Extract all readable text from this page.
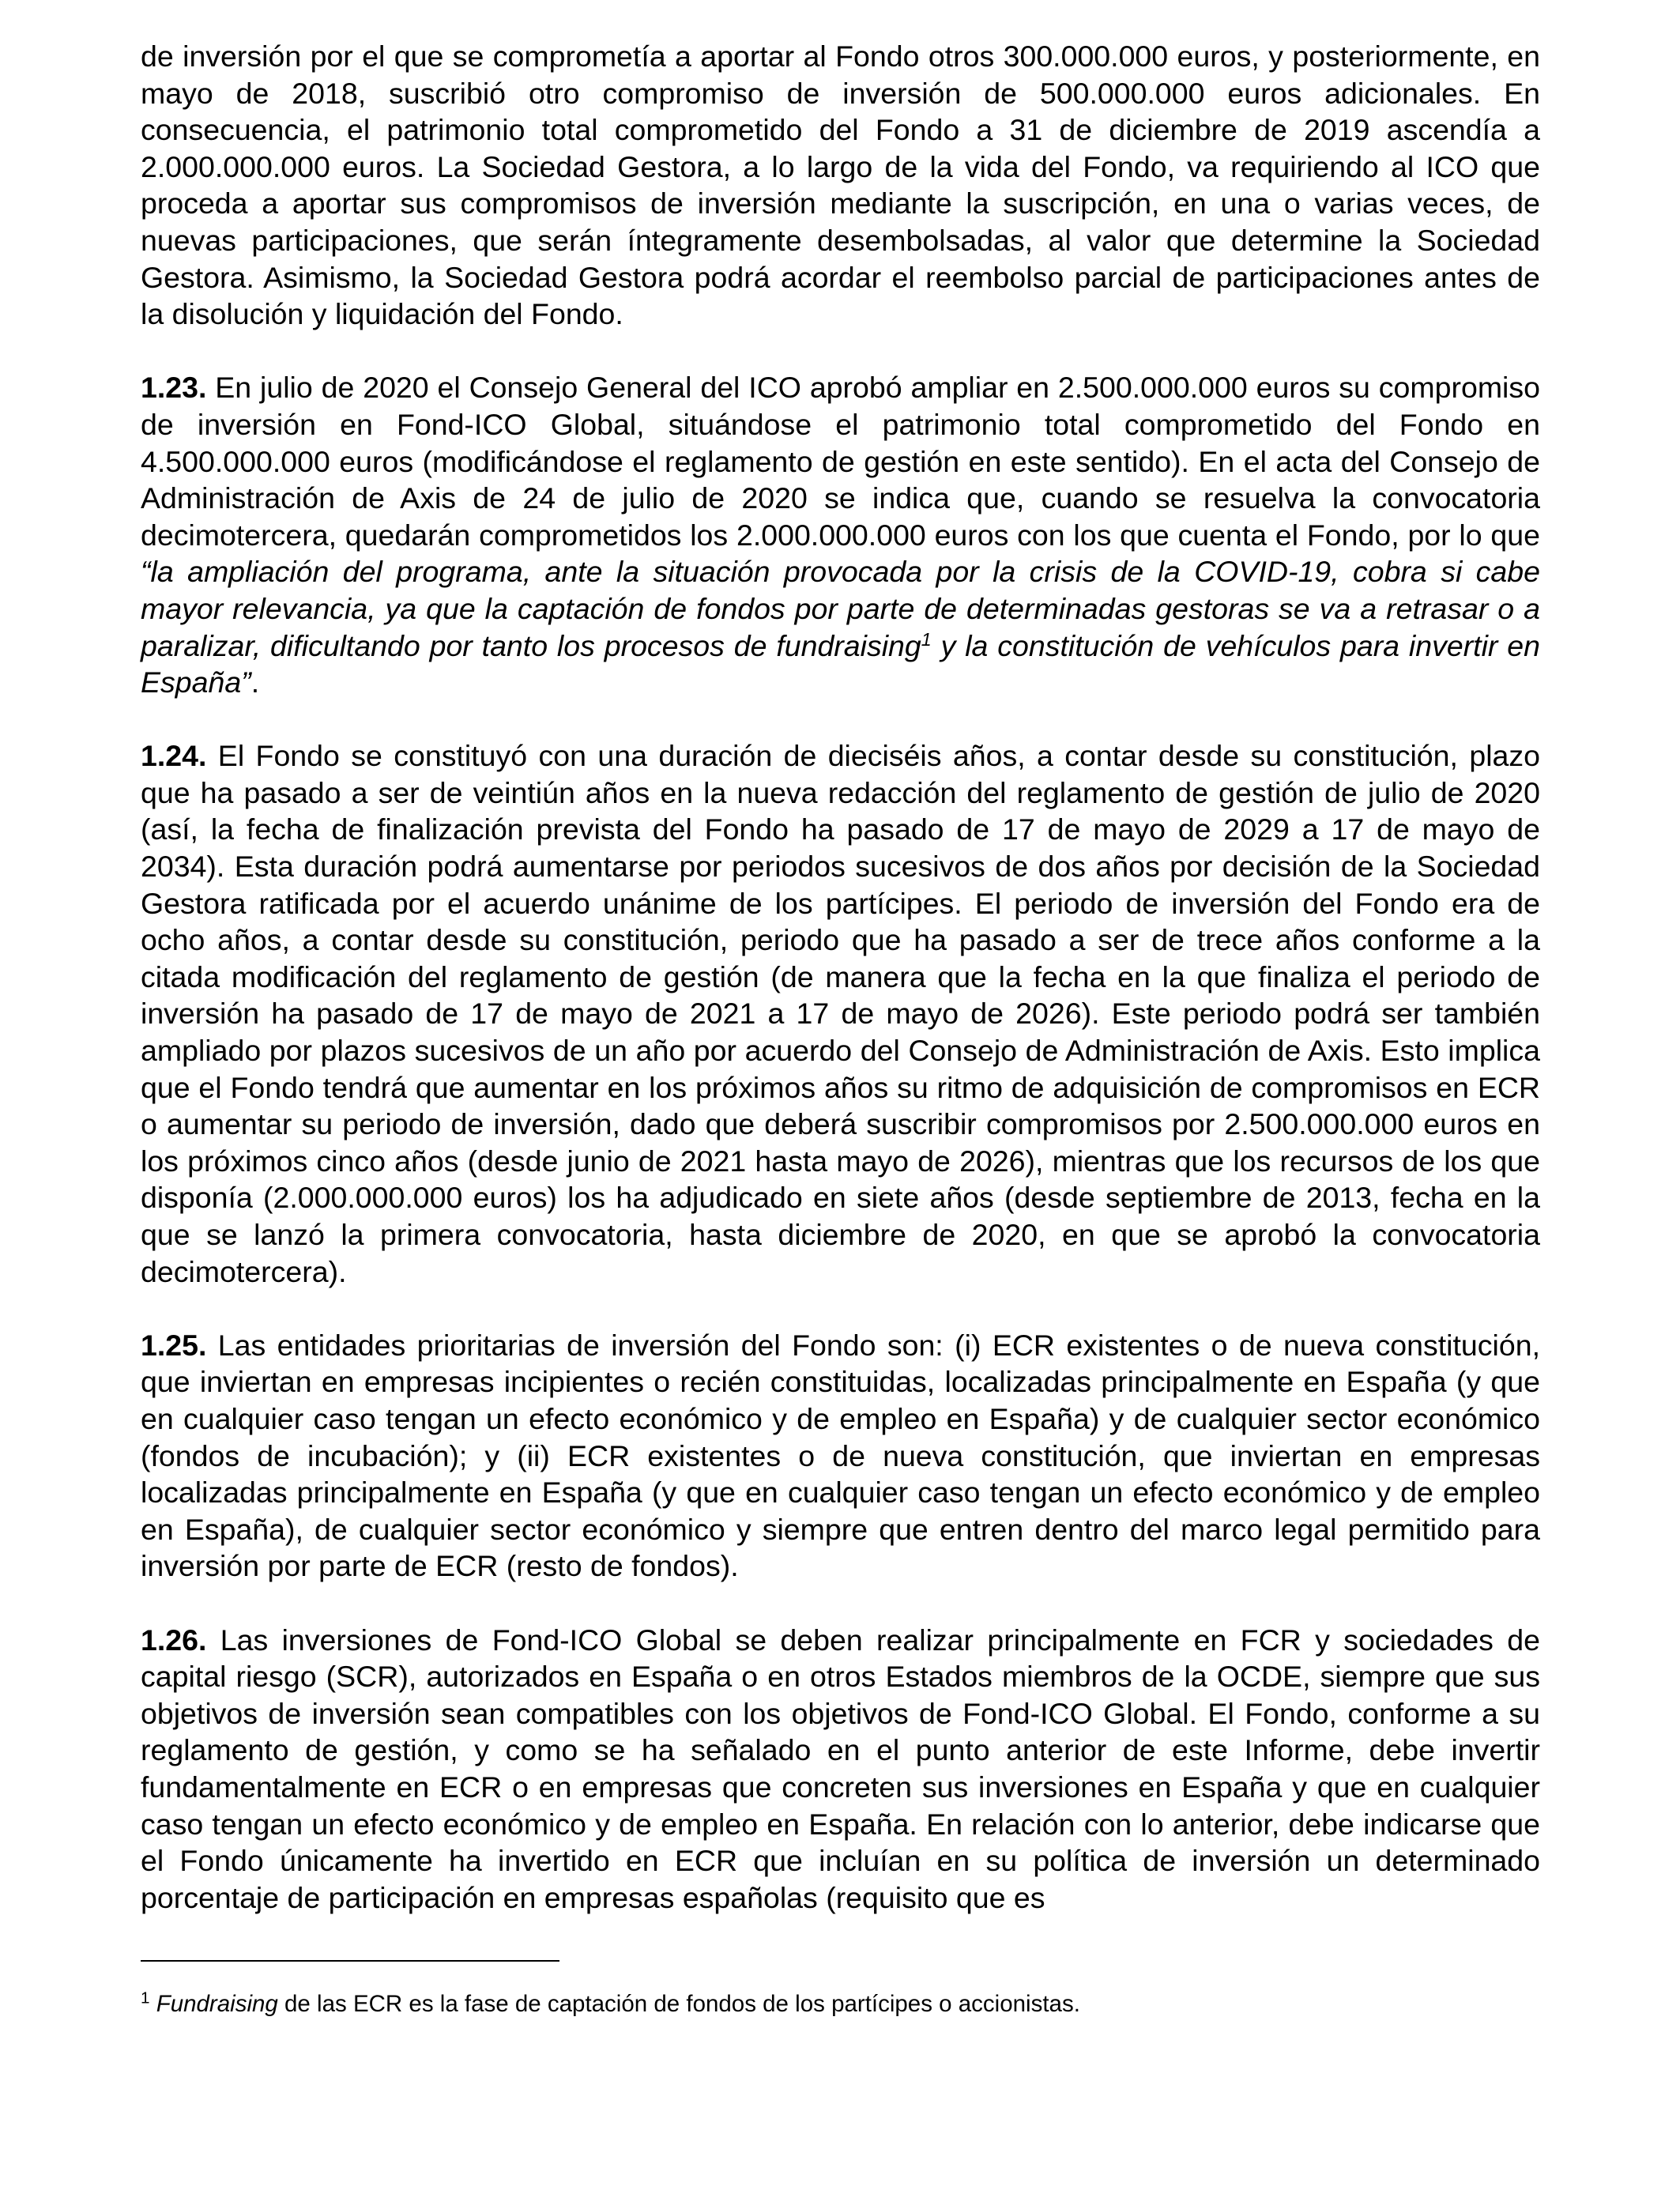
de inversión por el que se comprometía a aportar al Fondo otros 300.000.000 euros, y posteriormente, en mayo de 2018, suscribió otro compromiso de inversión de 500.000.000 euros adicionales. En consecuencia, el patrimonio total comprometido del Fondo a 31 de diciembre de 2019 ascendía a 2.000.000.000 euros. La Sociedad Gestora, a lo largo de la vida del Fondo, va requiriendo al ICO que proceda a aportar sus compromisos de inversión mediante la suscripción, en una o varias veces, de nuevas participaciones, que serán íntegramente desembolsadas, al valor que determine la Sociedad Gestora. Asimismo, la Sociedad Gestora podrá acordar el reembolso parcial de participaciones antes de la disolución y liquidación del Fondo.

1.23. En julio de 2020 el Consejo General del ICO aprobó ampliar en 2.500.000.000 euros su compromiso de inversión en Fond-ICO Global, situándose el patrimonio total comprometido del Fondo en 4.500.000.000 euros (modificándose el reglamento de gestión en este sentido). En el acta del Consejo de Administración de Axis de 24 de julio de 2020 se indica que, cuando se resuelva la convocatoria decimotercera, quedarán comprometidos los 2.000.000.000 euros con los que cuenta el Fondo, por lo que “la ampliación del programa, ante la situación provocada por la crisis de la COVID-19, cobra si cabe mayor relevancia, ya que la captación de fondos por parte de determinadas gestoras se va a retrasar o a paralizar, dificultando por tanto los procesos de fundraising$^1$ y la constitución de vehículos para invertir en España”.

1.24. El Fondo se constituyó con una duración de dieciséis años, a contar desde su constitución, plazo que ha pasado a ser de veintiún años en la nueva redacción del reglamento de gestión de julio de 2020 (así, la fecha de finalización prevista del Fondo ha pasado de 17 de mayo de 2029 a 17 de mayo de 2034). Esta duración podrá aumentarse por periodos sucesivos de dos años por decisión de la Sociedad Gestora ratificada por el acuerdo unánime de los partícipes. El periodo de inversión del Fondo era de ocho años, a contar desde su constitución, periodo que ha pasado a ser de trece años conforme a la citada modificación del reglamento de gestión (de manera que la fecha en la que finaliza el periodo de inversión ha pasado de 17 de mayo de 2021 a 17 de mayo de 2026). Este periodo podrá ser también ampliado por plazos sucesivos de un año por acuerdo del Consejo de Administración de Axis. Esto implica que el Fondo tendrá que aumentar en los próximos años su ritmo de adquisición de compromisos en ECR o aumentar su periodo de inversión, dado que deberá suscribir compromisos por 2.500.000.000 euros en los próximos cinco años (desde junio de 2021 hasta mayo de 2026), mientras que los recursos de los que disponía (2.000.000.000 euros) los ha adjudicado en siete años (desde septiembre de 2013, fecha en la que se lanzó la primera convocatoria, hasta diciembre de 2020, en que se aprobó la convocatoria decimotercera).

1.25. Las entidades prioritarias de inversión del Fondo son: (i) ECR existentes o de nueva constitución, que inviertan en empresas incipientes o recién constituidas, localizadas principalmente en España (y que en cualquier caso tengan un efecto económico y de empleo en España) y de cualquier sector económico (fondos de incubación); y (ii) ECR existentes o de nueva constitución, que inviertan en empresas localizadas principalmente en España (y que en cualquier caso tengan un efecto económico y de empleo en España), de cualquier sector económico y siempre que entren dentro del marco legal permitido para inversión por parte de ECR (resto de fondos).

1.26. Las inversiones de Fond-ICO Global se deben realizar principalmente en FCR y sociedades de capital riesgo (SCR), autorizados en España o en otros Estados miembros de la OCDE, siempre que sus objetivos de inversión sean compatibles con los objetivos de Fond-ICO Global. El Fondo, conforme a su reglamento de gestión, y como se ha señalado en el punto anterior de este Informe, debe invertir fundamentalmente en ECR o en empresas que concreten sus inversiones en España y que en cualquier caso tengan un efecto económico y de empleo en España. En relación con lo anterior, debe indicarse que el Fondo únicamente ha invertido en ECR que incluían en su política de inversión un determinado porcentaje de participación en empresas españolas (requisito que es

$^1$ Fundraising de las ECR es la fase de captación de fondos de los partícipes o accionistas.
